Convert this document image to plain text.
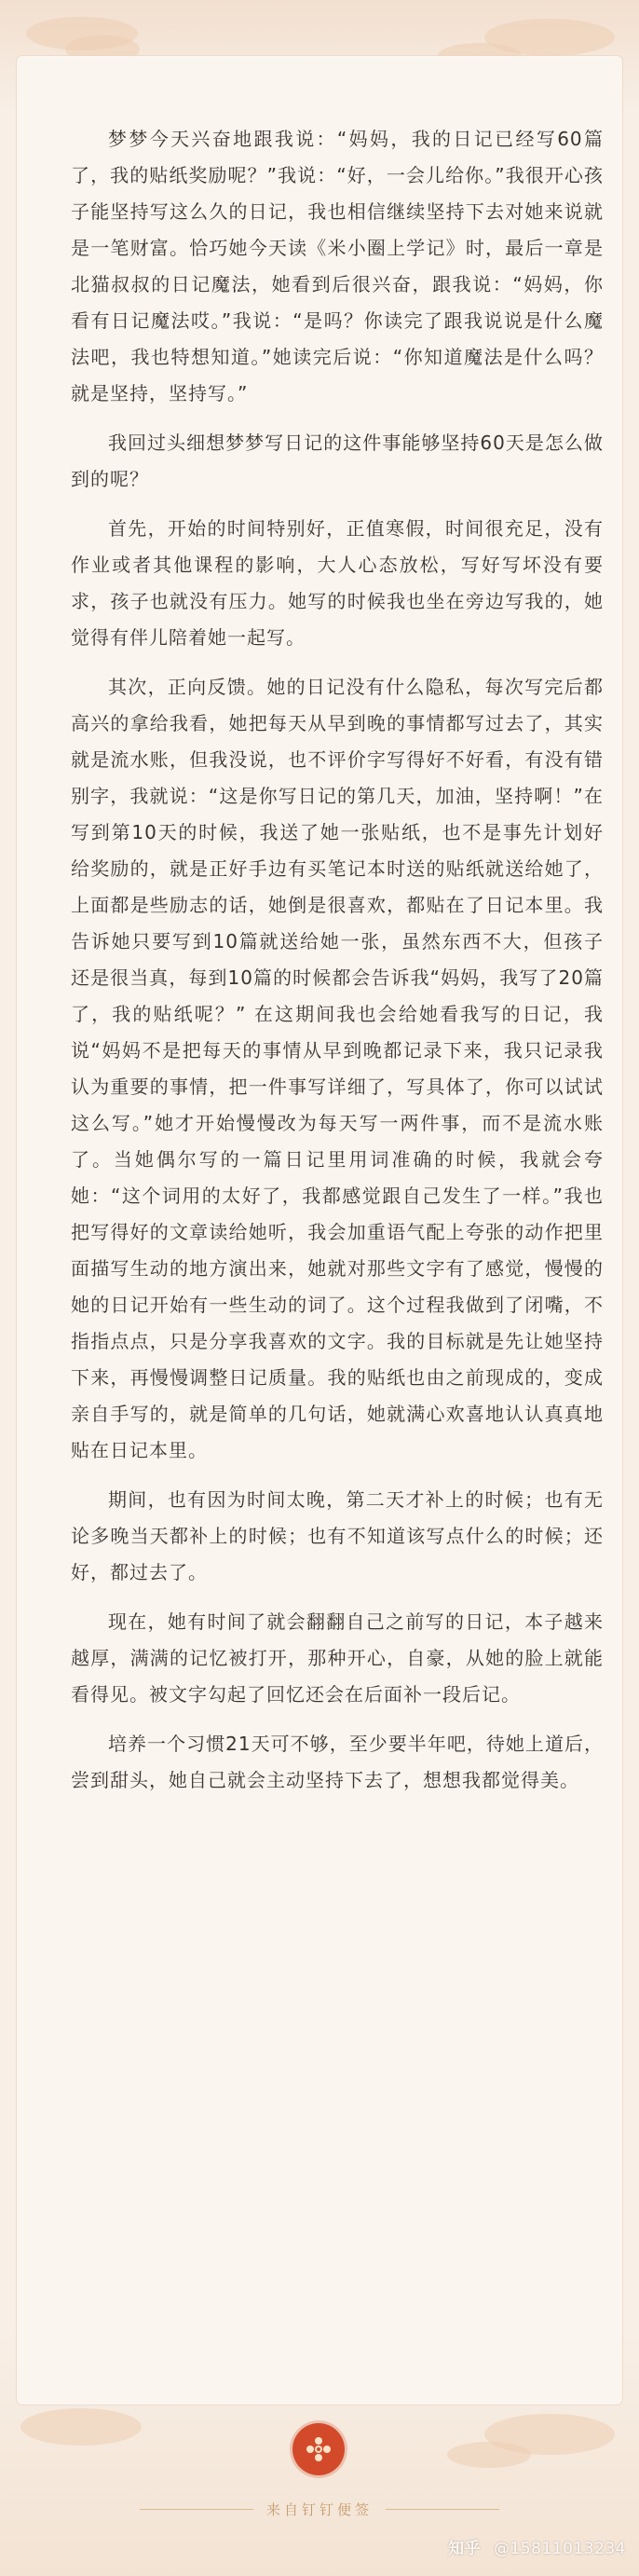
梦梦今天兴奋地跟我说：“妈妈，我的日记已经写60篇了，我的贴纸奖励呢？”我说：“好，一会儿给你。”我很开心孩子能坚持写这么久的日记，我也相信继续坚持下去对她来说就是一笔财富。恰巧她今天读《米小圈上学记》时，最后一章是北猫叔叔的日记魔法，她看到后很兴奋，跟我说：“妈妈，你看有日记魔法哎。”我说：“是吗？你读完了跟我说说是什么魔法吧，我也特想知道。”她读完后说：“你知道魔法是什么吗？就是坚持，坚持写。”

我回过头细想梦梦写日记的这件事能够坚持60天是怎么做到的呢？

首先，开始的时间特别好，正值寒假，时间很充足，没有作业或者其他课程的影响，大人心态放松，写好写坏没有要求，孩子也就没有压力。她写的时候我也坐在旁边写我的，她觉得有伴儿陪着她一起写。

其次，正向反馈。她的日记没有什么隐私，每次写完后都高兴的拿给我看，她把每天从早到晚的事情都写过去了，其实就是流水账，但我没说，也不评价字写得好不好看，有没有错别字，我就说：“这是你写日记的第几天，加油，坚持啊！”在写到第10天的时候，我送了她一张贴纸，也不是事先计划好给奖励的，就是正好手边有买笔记本时送的贴纸就送给她了，上面都是些励志的话，她倒是很喜欢，都贴在了日记本里。我告诉她只要写到10篇就送给她一张，虽然东西不大，但孩子还是很当真，每到10篇的时候都会告诉我“妈妈，我写了20篇了，我的贴纸呢？” 在这期间我也会给她看我写的日记，我说“妈妈不是把每天的事情从早到晚都记录下来，我只记录我认为重要的事情，把一件事写详细了，写具体了，你可以试试这么写。”她才开始慢慢改为每天写一两件事，而不是流水账了。当她偶尔写的一篇日记里用词准确的时候，我就会夸她：“这个词用的太好了，我都感觉跟自己发生了一样。”我也把写得好的文章读给她听，我会加重语气配上夸张的动作把里面描写生动的地方演出来，她就对那些文字有了感觉，慢慢的她的日记开始有一些生动的词了。这个过程我做到了闭嘴，不指指点点，只是分享我喜欢的文字。我的目标就是先让她坚持下来，再慢慢调整日记质量。我的贴纸也由之前现成的，变成亲自手写的，就是简单的几句话，她就满心欢喜地认认真真地贴在日记本里。

期间，也有因为时间太晚，第二天才补上的时候；也有无论多晚当天都补上的时候；也有不知道该写点什么的时候；还好，都过去了。

现在，她有时间了就会翻翻自己之前写的日记，本子越来越厚，满满的记忆被打开，那种开心，自豪，从她的脸上就能看得见。被文字勾起了回忆还会在后面补一段后记。

培养一个习惯21天可不够，至少要半年吧，待她上道后，尝到甜头，她自己就会主动坚持下去了，想想我都觉得美。

来自钉钉便签
知乎 @15811013234
